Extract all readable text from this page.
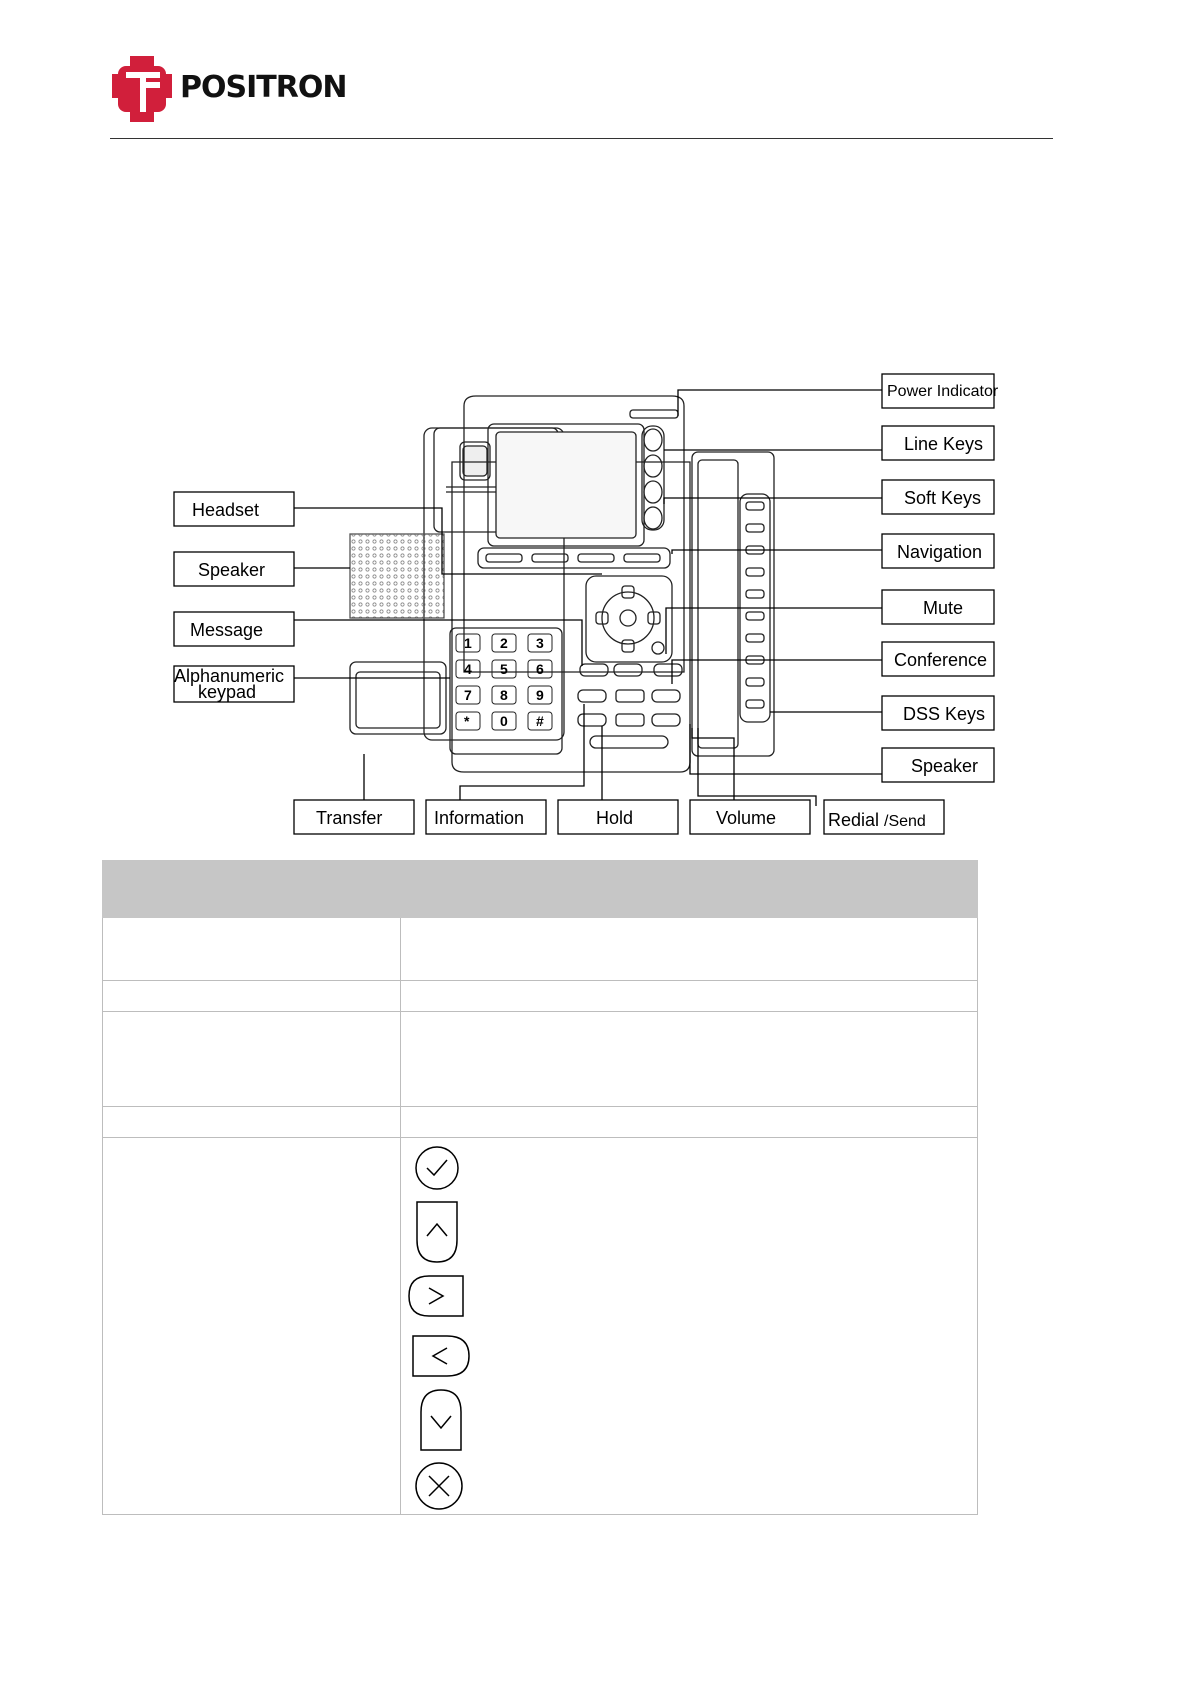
POSITRON
1 2 3
4 5 6
7 8 9
* 0 #
Power Indicator
Line Keys
Soft Keys
Navigation
Mute
Conference
DSS Keys
Speaker
Headset
Speaker
Message
Alphanumeric
keypad
Transfer	Information	Hold	Volume	Redial /Send
